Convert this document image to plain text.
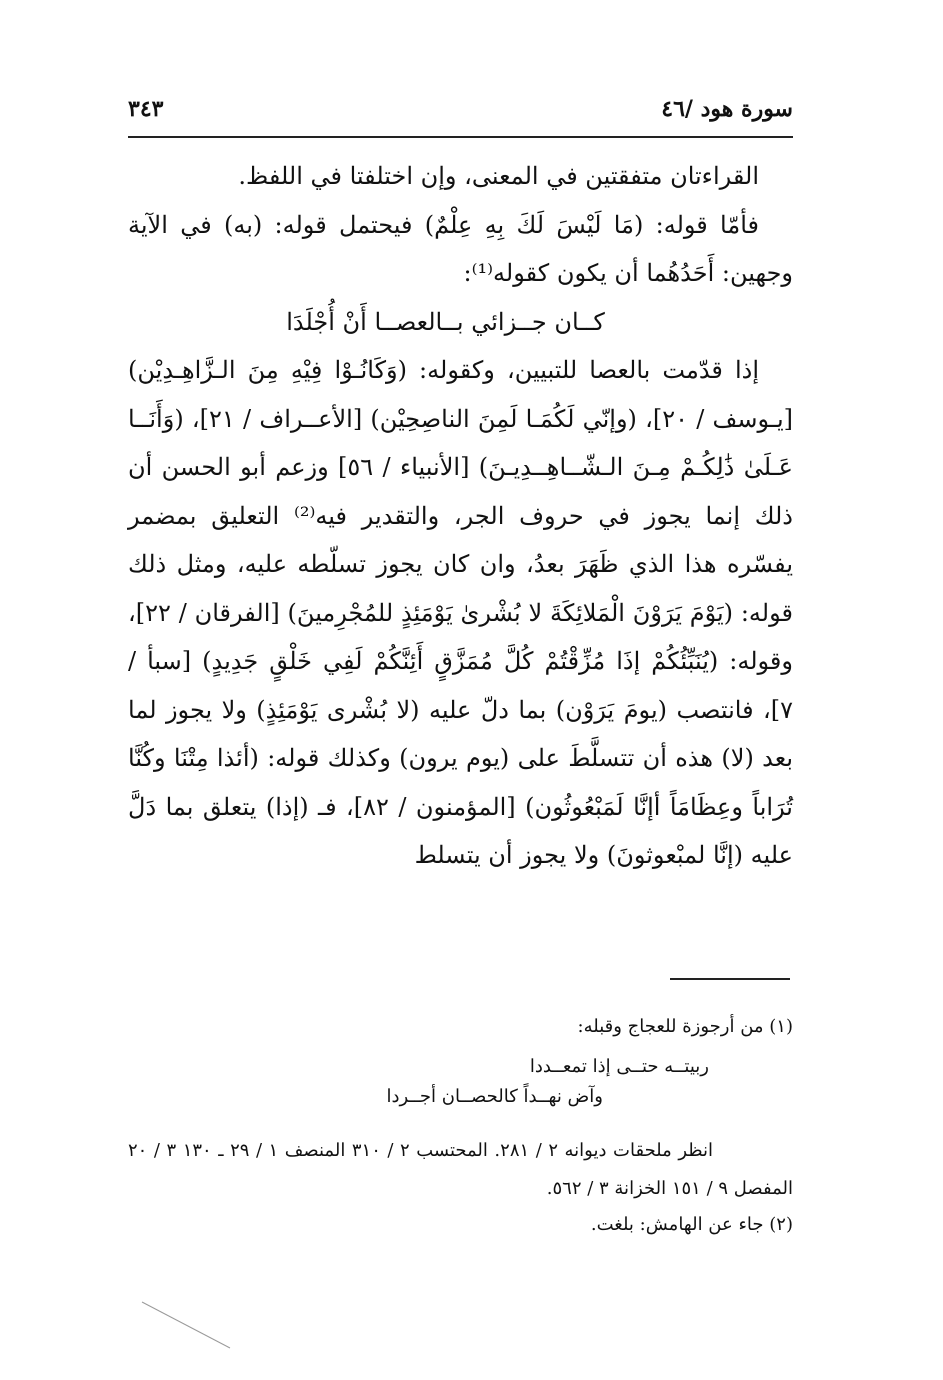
سورة هود /٤٦
٣٤٣

القراءتان متفقتين في المعنى، وإن اختلفتا في اللفظ.

فأمّا قوله: (مَا لَيْسَ لَكَ بِهِ عِلْمٌ) فيحتمل قوله: (به) في الآية وجهين: أَحَدُهُما أن يكون كقوله⁽¹⁾:

كــان جــزائي بــالعصــا أَنْ أُجْلَدَا

إذا قدّمت بالعصا للتبيين، وكقوله: (وَكَانُـوْا فِيْهِ مِنَ الـزَّاهِـدِيْن) [يـوسف / ٢٠]، (وإنّي لَكُمَـا لَمِنَ الناصِحِيْن) [الأعــراف / ٢١]، (وَأَنَــا عَـلَىٰ ذَٰلِكُـمْ مِـنَ الـشّــاهِــدِيـنَ) [الأنبياء / ٥٦] وزعم أبو الحسن أن ذلك إنما يجوز في حروف الجر، والتقدير فيه⁽²⁾ التعليق بمضمر يفسّره هذا الذي ظَهَرَ بعدُ، وان كان يجوز تسلّطه عليه، ومثل ذلك قوله: (يَوْمَ يَرَوْنَ الْمَلائِكَةَ لا بُشْرىٰ يَوْمَئِذٍ للمُجْرِمينَ) [الفرقان / ٢٢]، وقوله: (يُنَبِّئُكُمْ إذَا مُزِّقْتُمْ كُلَّ مُمَزَّقٍ أَئِنَّكُمْ لَفِي خَلْقٍ جَدِيدٍ) [سبأ / ٧]، فانتصب (يومَ يَرَوْن) بما دلّ عليه (لا بُشْرى يَوْمَئِذٍ) ولا يجوز لما بعد (لا) هذه أن تتسلَّطَ على (يوم يرون) وكذلك قوله: (أئذا مِتْنَا وكُنَّا تُرَاباً وعِظَامَاً أإنَّا لَمَبْعُوثُون) [المؤمنون / ٨٢]، فـ (إذا) يتعلق بما دَلَّ عليه (إنَّا لمبْعوثونَ) ولا يجوز أن يتسلط

(١) من أرجوزة للعجاج وقبله:

ربيتــه حتــى إذا تمعــددا
وآض نهــداً كالحصــان أجــردا

انظر ملحقات ديوانه ٢ / ٢٨١. المحتسب ٢ / ٣١٠ المنصف ١ / ٢٩ ـ ١٣٠ ٣ / ٢٠ المفصل ٩ / ١٥١ الخزانة ٣ / ٥٦٢.

(٢) جاء عن الهامش: بلغت.
